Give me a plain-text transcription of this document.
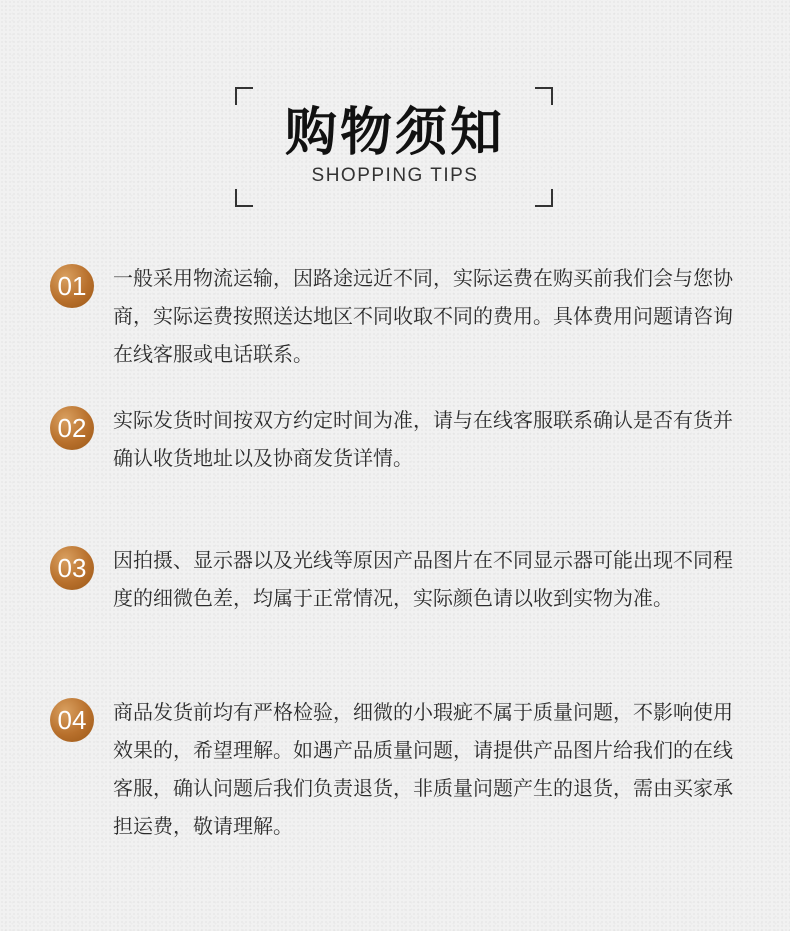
购物须知
SHOPPING TIPS
01	一般采用物流运输，因路途远近不同，实际运费在购买前我们会与您协商，实际运费按照送达地区不同收取不同的费用。具体费用问题请咨询在线客服或电话联系。

02	实际发货时间按双方约定时间为准，请与在线客服联系确认是否有货并确认收货地址以及协商发货详情。

03	因拍摄、显示器以及光线等原因产品图片在不同显示器可能出现不同程度的细微色差，均属于正常情况，实际颜色请以收到实物为准。

04	商品发货前均有严格检验，细微的小瑕疵不属于质量问题，不影响使用效果的，希望理解。如遇产品质量问题，请提供产品图片给我们的在线客服，确认问题后我们负责退货，非质量问题产生的退货，需由买家承担运费，敬请理解。
